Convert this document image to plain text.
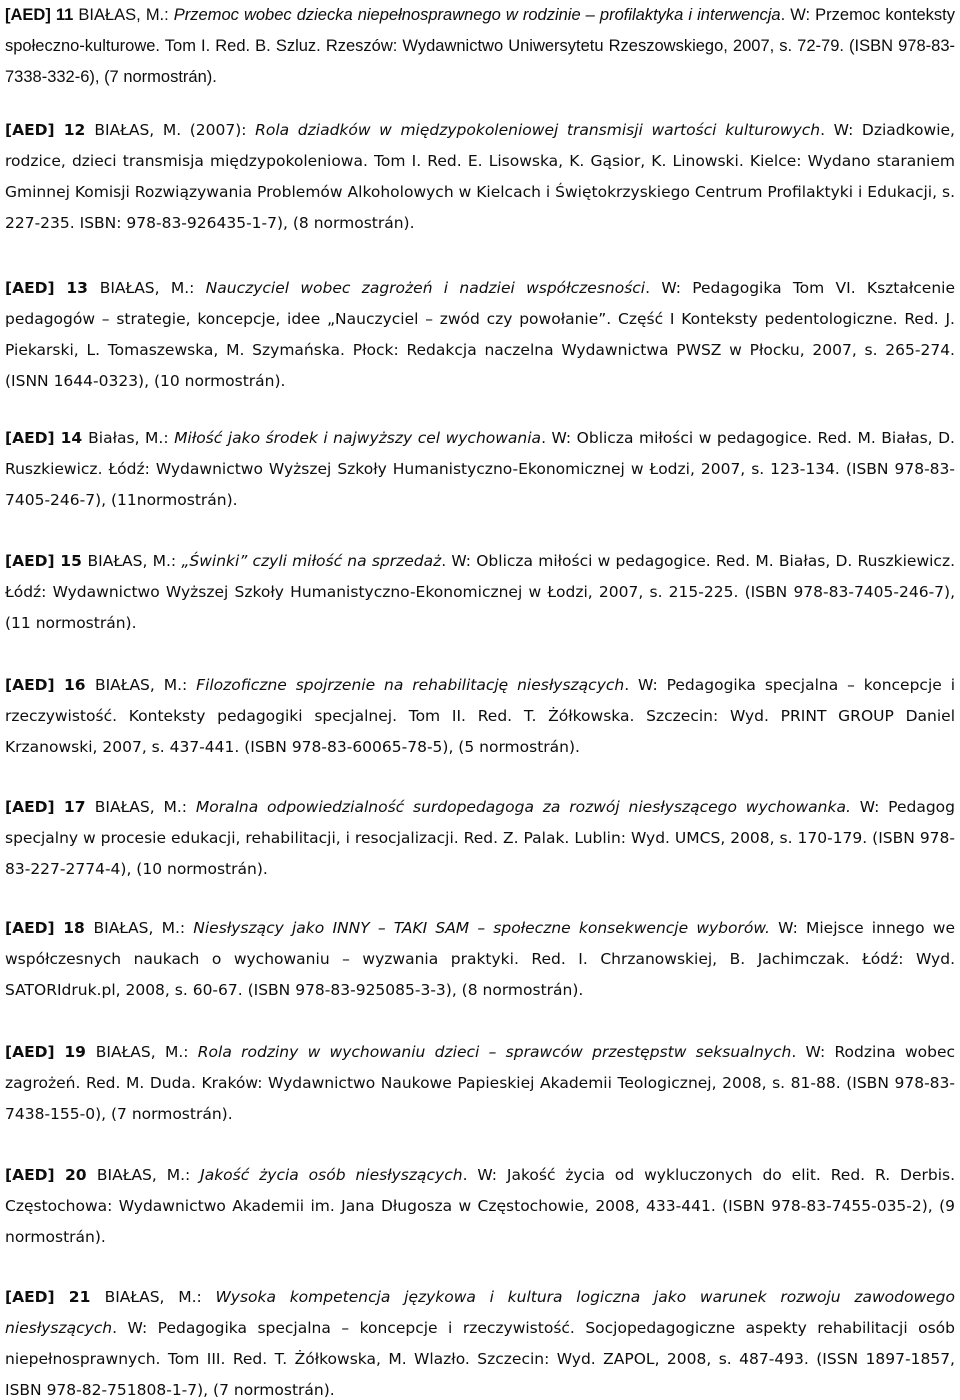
[AED] 11 BIAŁAS, M.: Przemoc wobec dziecka niepełnosprawnego w rodzinie – profilaktyka i interwencja. W: Przemoc konteksty społeczno-kulturowe. Tom I. Red. B. Szluz. Rzeszów: Wydawnictwo Uniwersytetu Rzeszowskiego, 2007, s. 72-79. (ISBN 978-83-7338-332-6), (7 normostrán).

[AED] 12 BIAŁAS, M. (2007): Rola dziadków w międzypokoleniowej transmisji wartości kulturowych. W: Dziadkowie, rodzice, dzieci transmisja międzypokoleniowa. Tom I. Red. E. Lisowska, K. Gąsior, K. Linowski. Kielce: Wydano staraniem Gminnej Komisji Rozwiązywania Problemów Alkoholowych w Kielcach i Świętokrzyskiego Centrum Profilaktyki i Edukacji, s. 227-235. ISBN: 978-83-926435-1-7), (8 normostrán).

[AED] 13 BIAŁAS, M.: Nauczyciel wobec zagrożeń i nadziei współczesności. W: Pedagogika Tom VI. Kształcenie pedagogów – strategie, koncepcje, idee „Nauczyciel – zwód czy powołanie”. Część I Konteksty pedentologiczne. Red. J. Piekarski, L. Tomaszewska, M. Szymańska. Płock: Redakcja naczelna Wydawnictwa PWSZ w Płocku, 2007, s. 265-274. (ISNN 1644-0323), (10 normostrán).

[AED] 14 Białas, M.: Miłość jako środek i najwyższy cel wychowania. W: Oblicza miłości w pedagogice. Red. M. Białas, D. Ruszkiewicz. Łódź: Wydawnictwo Wyższej Szkoły Humanistyczno-Ekonomicznej w Łodzi, 2007, s. 123-134. (ISBN 978-83-7405-246-7), (11normostrán).

[AED] 15 BIAŁAS, M.: „Świnki” czyli miłość na sprzedaż. W: Oblicza miłości w pedagogice. Red. M. Białas, D. Ruszkiewicz. Łódź: Wydawnictwo Wyższej Szkoły Humanistyczno-Ekonomicznej w Łodzi, 2007, s. 215-225. (ISBN 978-83-7405-246-7), (11 normostrán).

[AED] 16 BIAŁAS, M.: Filozoficzne spojrzenie na rehabilitację niesłyszących. W: Pedagogika specjalna – koncepcje i rzeczywistość. Konteksty pedagogiki specjalnej. Tom II. Red. T. Żółkowska. Szczecin: Wyd. PRINT GROUP Daniel Krzanowski, 2007, s. 437-441. (ISBN 978-83-60065-78-5), (5 normostrán).

[AED] 17 BIAŁAS, M.: Moralna odpowiedzialność surdopedagoga za rozwój niesłyszącego wychowanka. W: Pedagog specjalny w procesie edukacji, rehabilitacji, i resocjalizacji. Red. Z. Palak. Lublin: Wyd. UMCS, 2008, s. 170-179. (ISBN 978-83-227-2774-4), (10 normostrán).

[AED] 18 BIAŁAS, M.: Niesłyszący jako INNY – TAKI SAM – społeczne konsekwencje wyborów. W: Miejsce innego we współczesnych naukach o wychowaniu – wyzwania praktyki. Red. I. Chrzanowskiej, B. Jachimczak. Łódź: Wyd. SATORIdruk.pl, 2008, s. 60-67. (ISBN 978-83-925085-3-3), (8 normostrán).

[AED] 19 BIAŁAS, M.: Rola rodziny w wychowaniu dzieci – sprawców przestępstw seksualnych. W: Rodzina wobec zagrożeń. Red. M. Duda. Kraków: Wydawnictwo Naukowe Papieskiej Akademii Teologicznej, 2008, s. 81-88. (ISBN 978-83-7438-155-0), (7 normostrán).

[AED] 20 BIAŁAS, M.: Jakość życia osób niesłyszących. W: Jakość życia od wykluczonych do elit. Red. R. Derbis. Częstochowa: Wydawnictwo Akademii im. Jana Długosza w Częstochowie, 2008, 433-441. (ISBN 978-83-7455-035-2), (9 normostrán).

[AED] 21 BIAŁAS, M.: Wysoka kompetencja językowa i kultura logiczna jako warunek rozwoju zawodowego niesłyszących. W: Pedagogika specjalna – koncepcje i rzeczywistość. Socjopedagogiczne aspekty rehabilitacji osób niepełnosprawnych. Tom III. Red. T. Żółkowska, M. Wlazło. Szczecin: Wyd. ZAPOL, 2008, s. 487-493. (ISSN 1897-1857, ISBN 978-82-751808-1-7), (7 normostrán).
